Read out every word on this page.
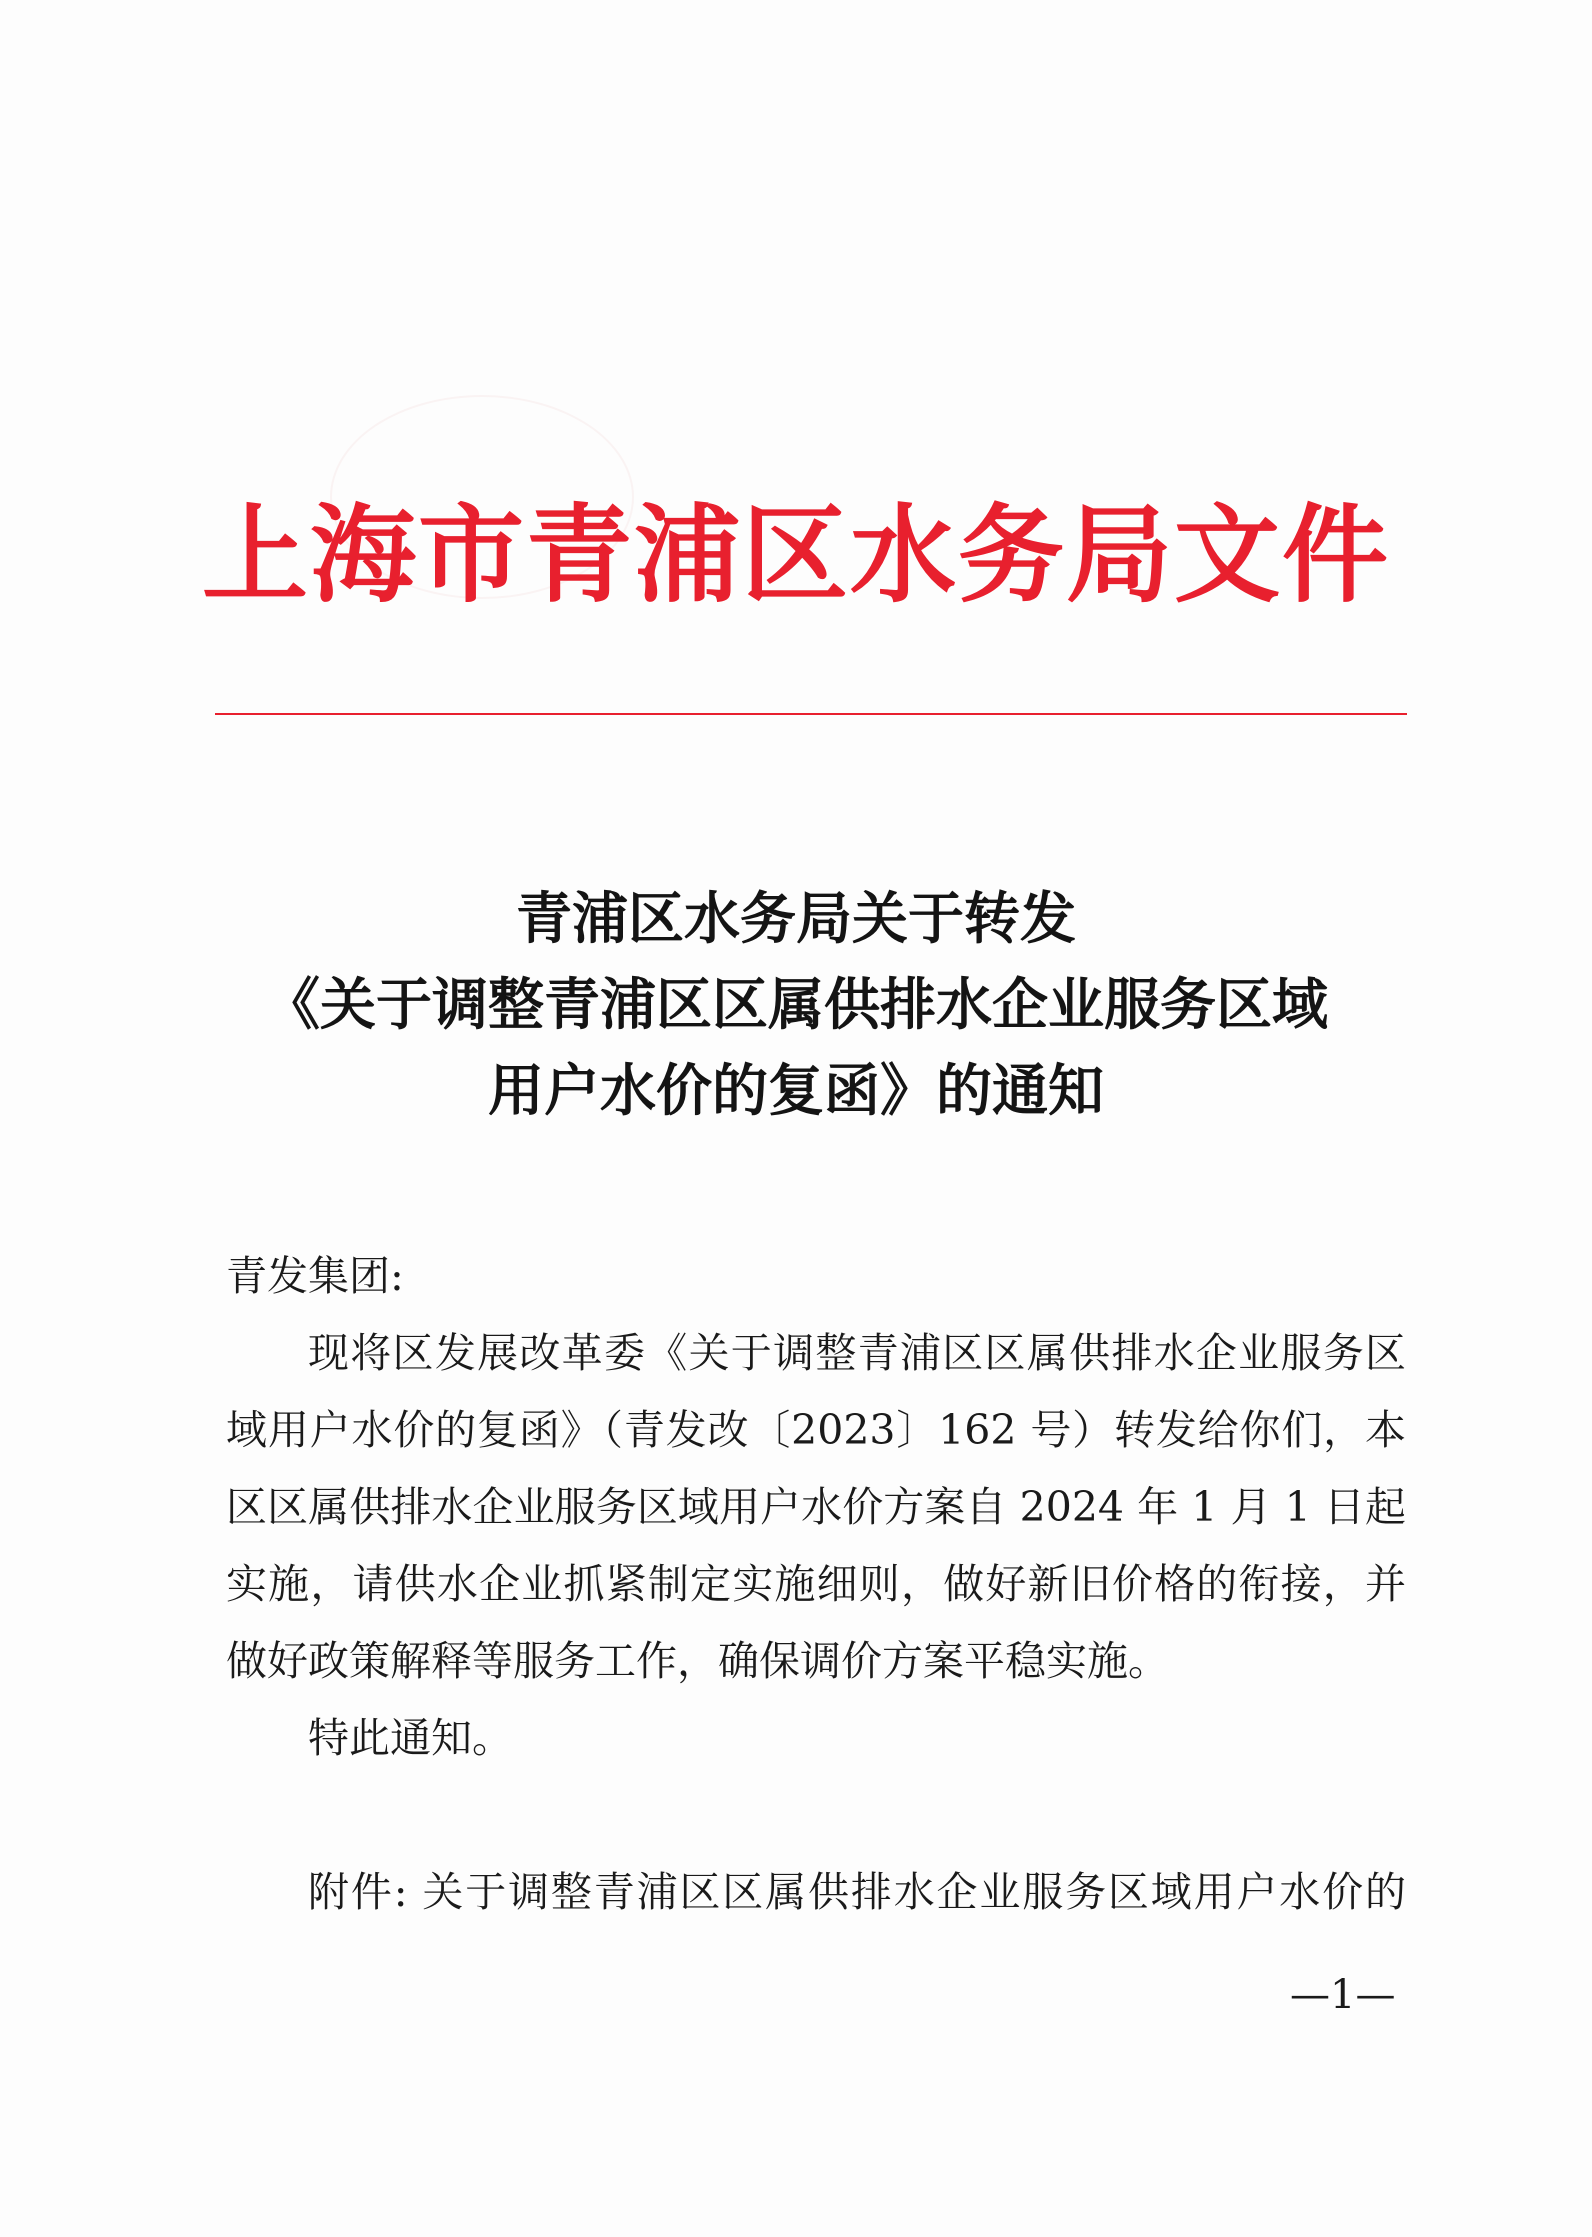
上海市青浦区水务局文件
青浦区水务局关于转发
《关于调整青浦区区属供排水企业服务区域
用户水价的复函》的通知
青发集团:
现将区发展改革委《关于调整青浦区区属供排水企业服务区
域用户水价的复函》（青发改〔2023〕162 号）转发给你们，本
区区属供排水企业服务区域用户水价方案自 2024 年 1 月 1 日起
实施，请供水企业抓紧制定实施细则，做好新旧价格的衔接，并
做好政策解释等服务工作，确保调价方案平稳实施。
特此通知。
附件: 关于调整青浦区区属供排水企业服务区域用户水价的
—1—
